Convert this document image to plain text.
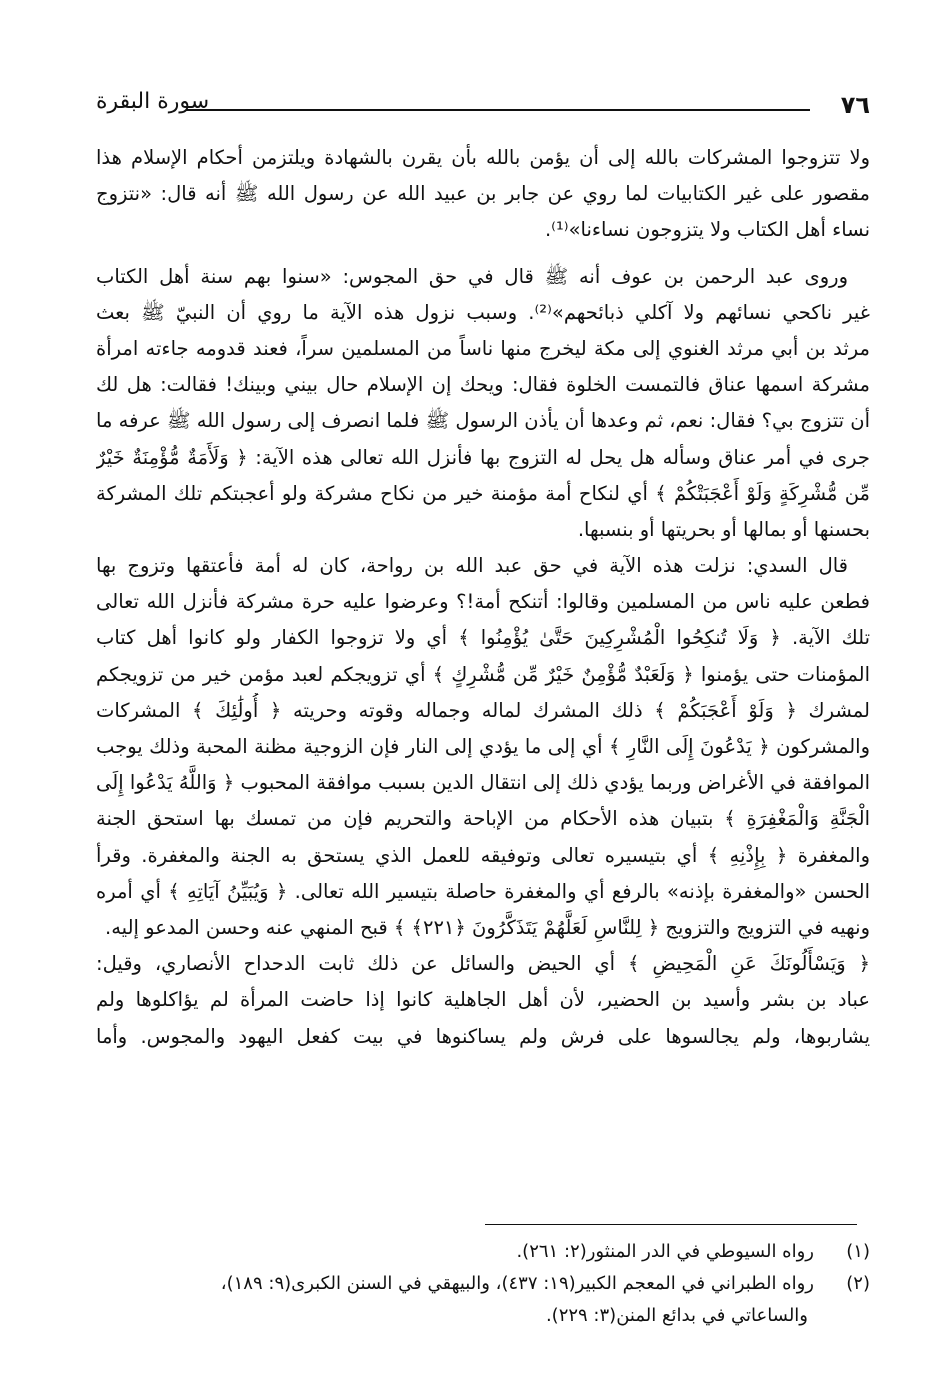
٧٦
سورة البقرة
ولا تتزوجوا المشركات بالله إلى أن يؤمن بالله بأن يقرن بالشهادة ويلتزمن أحكام الإسلام هذا
مقصور على غير الكتابيات لما روي عن جابر بن عبيد الله عن رسول الله ﷺ أنه قال: «نتزوج
نساء أهل الكتاب ولا يتزوجون نساءنا»⁽¹⁾.
وروى عبد الرحمن بن عوف أنه ﷺ قال في حق المجوس: «سنوا بهم سنة أهل الكتاب
غير ناكحي نسائهم ولا آكلي ذبائحهم»⁽²⁾. وسبب نزول هذه الآية ما روي أن النبيّ ﷺ بعث
مرثد بن أبي مرثد الغنوي إلى مكة ليخرج منها ناساً من المسلمين سراً، فعند قدومه جاءته امرأة
مشركة اسمها عناق فالتمست الخلوة فقال: ويحك إن الإسلام حال بيني وبينك! فقالت: هل لك
أن تتزوج بي؟ فقال: نعم، ثم وعدها أن يأذن الرسول ﷺ فلما انصرف إلى رسول الله ﷺ عرفه ما
جرى في أمر عناق وسأله هل يحل له التزوج بها فأنزل الله تعالى هذه الآية: ﴿ وَلَأَمَةٌ مُّؤْمِنَةٌ خَيْرٌ
مِّن مُّشْرِكَةٍ وَلَوْ أَعْجَبَتْكُمْ ﴾ أي لنكاح أمة مؤمنة خير من نكاح مشركة ولو أعجبتكم تلك المشركة
بحسنها أو بمالها أو بحريتها أو بنسبها.
قال السدي: نزلت هذه الآية في حق عبد الله بن رواحة، كان له أمة فأعتقها وتزوج بها
فطعن عليه ناس من المسلمين وقالوا: أتنكح أمة!؟ وعرضوا عليه حرة مشركة فأنزل الله تعالى
تلك الآية. ﴿ وَلَا تُنكِحُوا الْمُشْرِكِينَ حَتَّىٰ يُؤْمِنُوا ﴾ أي ولا تزوجوا الكفار ولو كانوا أهل كتاب
المؤمنات حتى يؤمنوا ﴿ وَلَعَبْدٌ مُّؤْمِنٌ خَيْرٌ مِّن مُّشْرِكٍ ﴾ أي تزويجكم لعبد مؤمن خير من تزويجكم
لمشرك ﴿ وَلَوْ أَعْجَبَكُمْ ﴾ ذلك المشرك لماله وجماله وقوته وحريته ﴿ أُولَٰئِكَ ﴾ المشركات
والمشركون ﴿ يَدْعُونَ إِلَى النَّارِ ﴾ أي إلى ما يؤدي إلى النار فإن الزوجية مظنة المحبة وذلك يوجب
الموافقة في الأغراض وربما يؤدي ذلك إلى انتقال الدين بسبب موافقة المحبوب ﴿ وَاللَّهُ يَدْعُوا إِلَى
الْجَنَّةِ وَالْمَغْفِرَةِ ﴾ بتبيان هذه الأحكام من الإباحة والتحريم فإن من تمسك بها استحق الجنة
والمغفرة ﴿ بِإِذْنِهِ ﴾ أي بتيسيره تعالى وتوفيقه للعمل الذي يستحق به الجنة والمغفرة. وقرأ
الحسن «والمغفرة بإذنه» بالرفع أي والمغفرة حاصلة بتيسير الله تعالى. ﴿ وَيُبَيِّنُ آيَاتِهِ ﴾ أي أمره
ونهيه في التزويج والتزويج ﴿ لِلنَّاسِ لَعَلَّهُمْ يَتَذَكَّرُونَ ﴿٢٢١﴾ ﴾ قبح المنهي عنه وحسن المدعو إليه.
﴿ وَيَسْأَلُونَكَ عَنِ الْمَحِيضِ ﴾ أي الحيض والسائل عن ذلك ثابت الدحداح الأنصاري، وقيل:
عباد بن بشر وأسيد بن الحضير، لأن أهل الجاهلية كانوا إذا حاضت المرأة لم يؤاكلوها ولم
يشاربوها، ولم يجالسوها على فرش ولم يساكنوها في بيت كفعل اليهود والمجوس. وأما
(١)رواه السيوطي في الدر المنثور(٢: ٢٦١).
(٢)رواه الطبراني في المعجم الكبير(١٩: ٤٣٧)، والبيهقي في السنن الكبرى(٩: ١٨٩)،
والساعاتي في بدائع المنن(٣: ٢٢٩).
